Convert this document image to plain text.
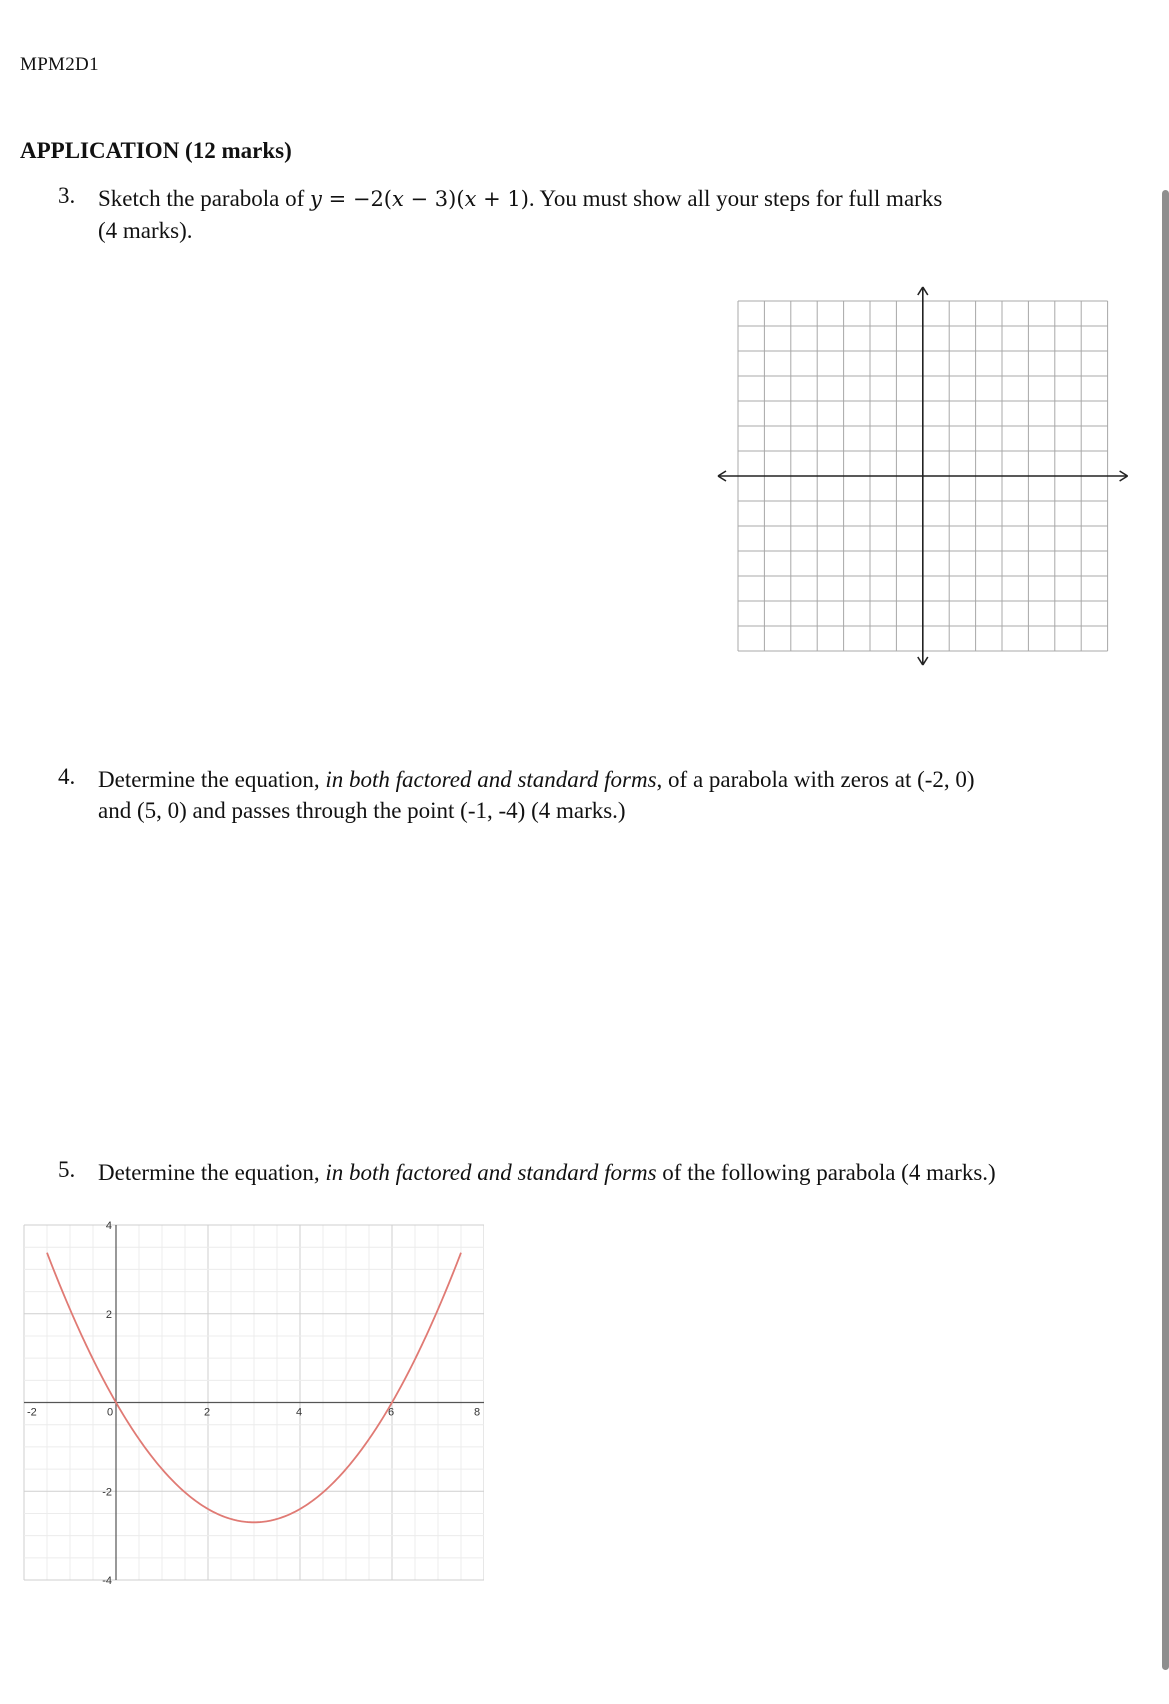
MPM2D1
APPLICATION (12 marks)
3. Sketch the parabola of y = −2(x − 3)(x + 1). You must show all your steps for full marks
(4 marks).
4. Determine the equation, in both factored and standard forms, of a parabola with zeros at (-2, 0)
and (5, 0) and passes through the point (-1, -4) (4 marks.)
5. Determine the equation, in both factored and standard forms of the following parabola (4 marks.)
-2	0	2	4	6	8
-4
-2
2
4
